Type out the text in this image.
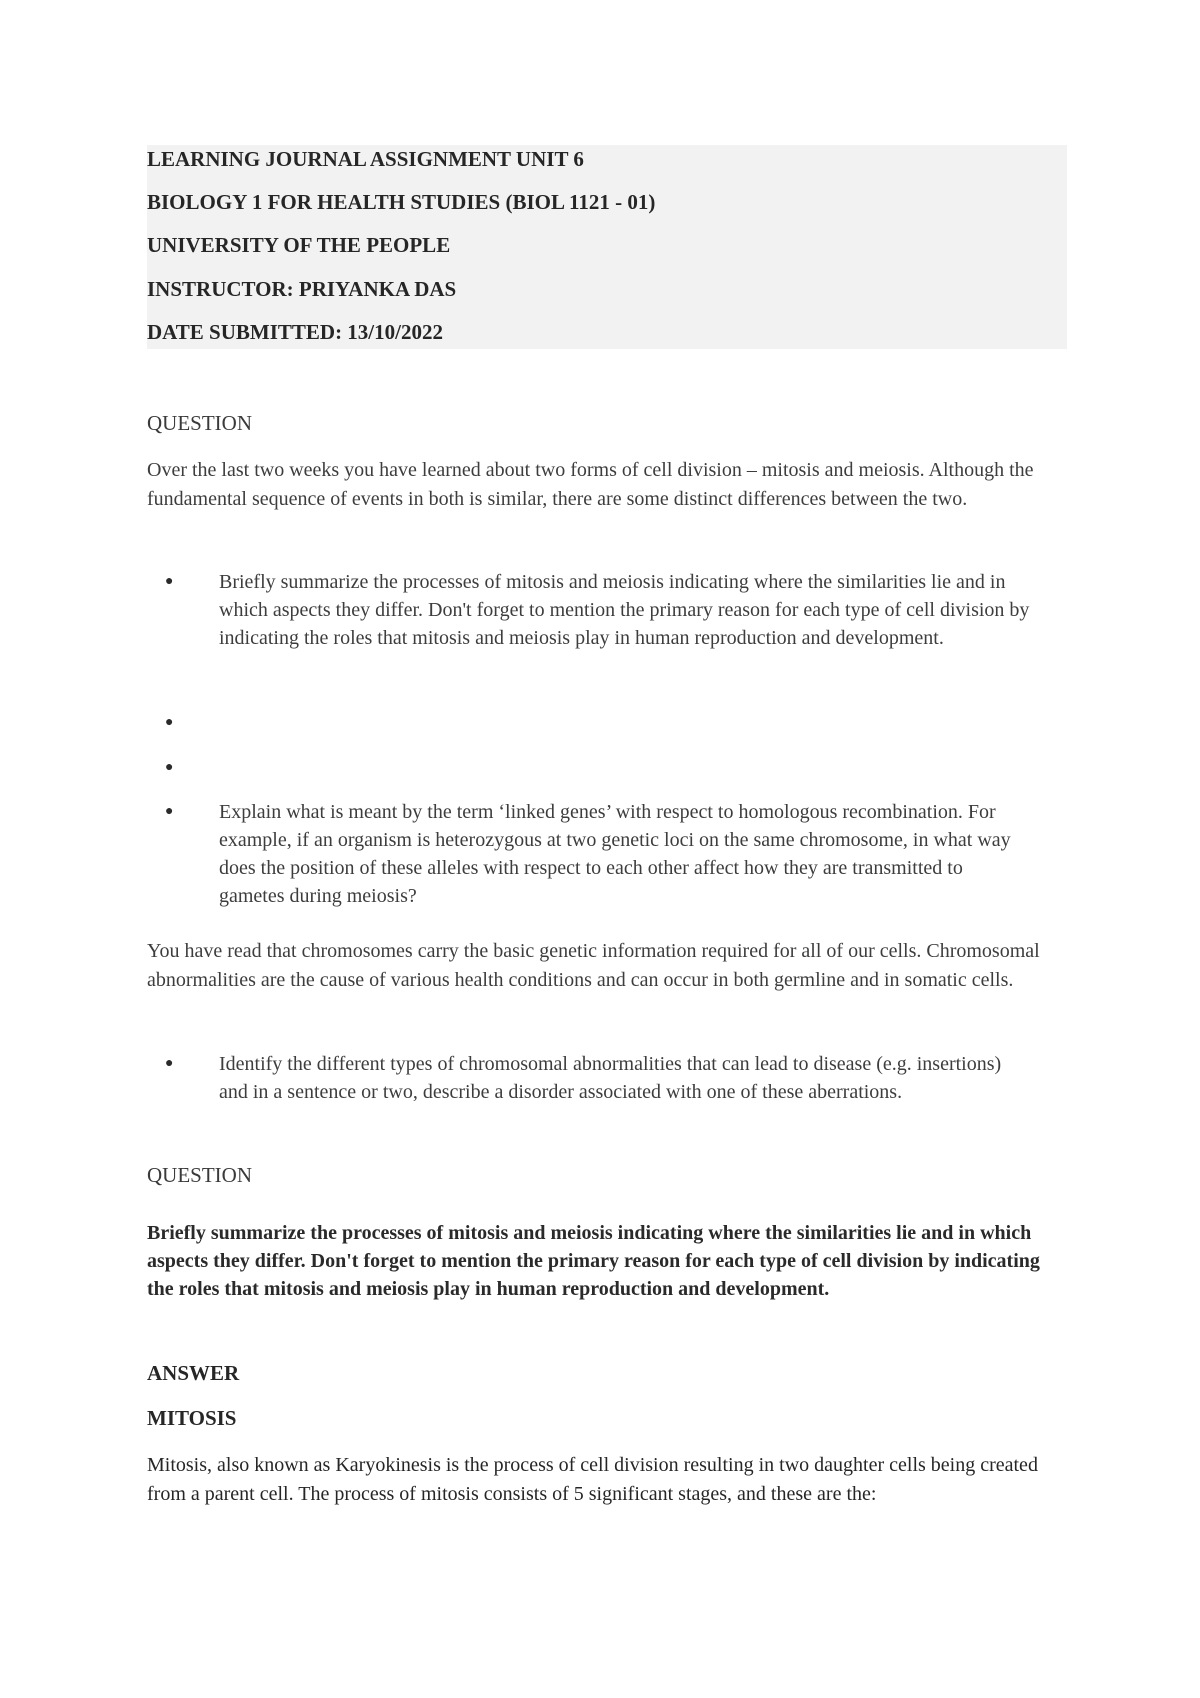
LEARNING JOURNAL ASSIGNMENT UNIT 6
BIOLOGY 1 FOR HEALTH STUDIES (BIOL 1121 - 01)
UNIVERSITY OF THE PEOPLE
INSTRUCTOR: PRIYANKA DAS
DATE SUBMITTED: 13/10/2022
QUESTION
Over the last two weeks you have learned about two forms of cell division – mitosis and meiosis. Although the fundamental sequence of events in both is similar, there are some distinct differences between the two.
●	Briefly summarize the processes of mitosis and meiosis indicating where the similarities lie and in which aspects they differ. Don't forget to mention the primary reason for each type of cell division by indicating the roles that mitosis and meiosis play in human reproduction and development.
●
●
●	Explain what is meant by the term ‘linked genes’ with respect to homologous recombination. For example, if an organism is heterozygous at two genetic loci on the same chromosome, in what way does the position of these alleles with respect to each other affect how they are transmitted to gametes during meiosis?
You have read that chromosomes carry the basic genetic information required for all of our cells. Chromosomal abnormalities are the cause of various health conditions and can occur in both germline and in somatic cells.
●	Identify the different types of chromosomal abnormalities that can lead to disease (e.g. insertions) and in a sentence or two, describe a disorder associated with one of these aberrations.
QUESTION
Briefly summarize the processes of mitosis and meiosis indicating where the similarities lie and in which aspects they differ. Don't forget to mention the primary reason for each type of cell division by indicating the roles that mitosis and meiosis play in human reproduction and development.
ANSWER
MITOSIS
Mitosis, also known as Karyokinesis is the process of cell division resulting in two daughter cells being created from a parent cell. The process of mitosis consists of 5 significant stages, and these are the:
